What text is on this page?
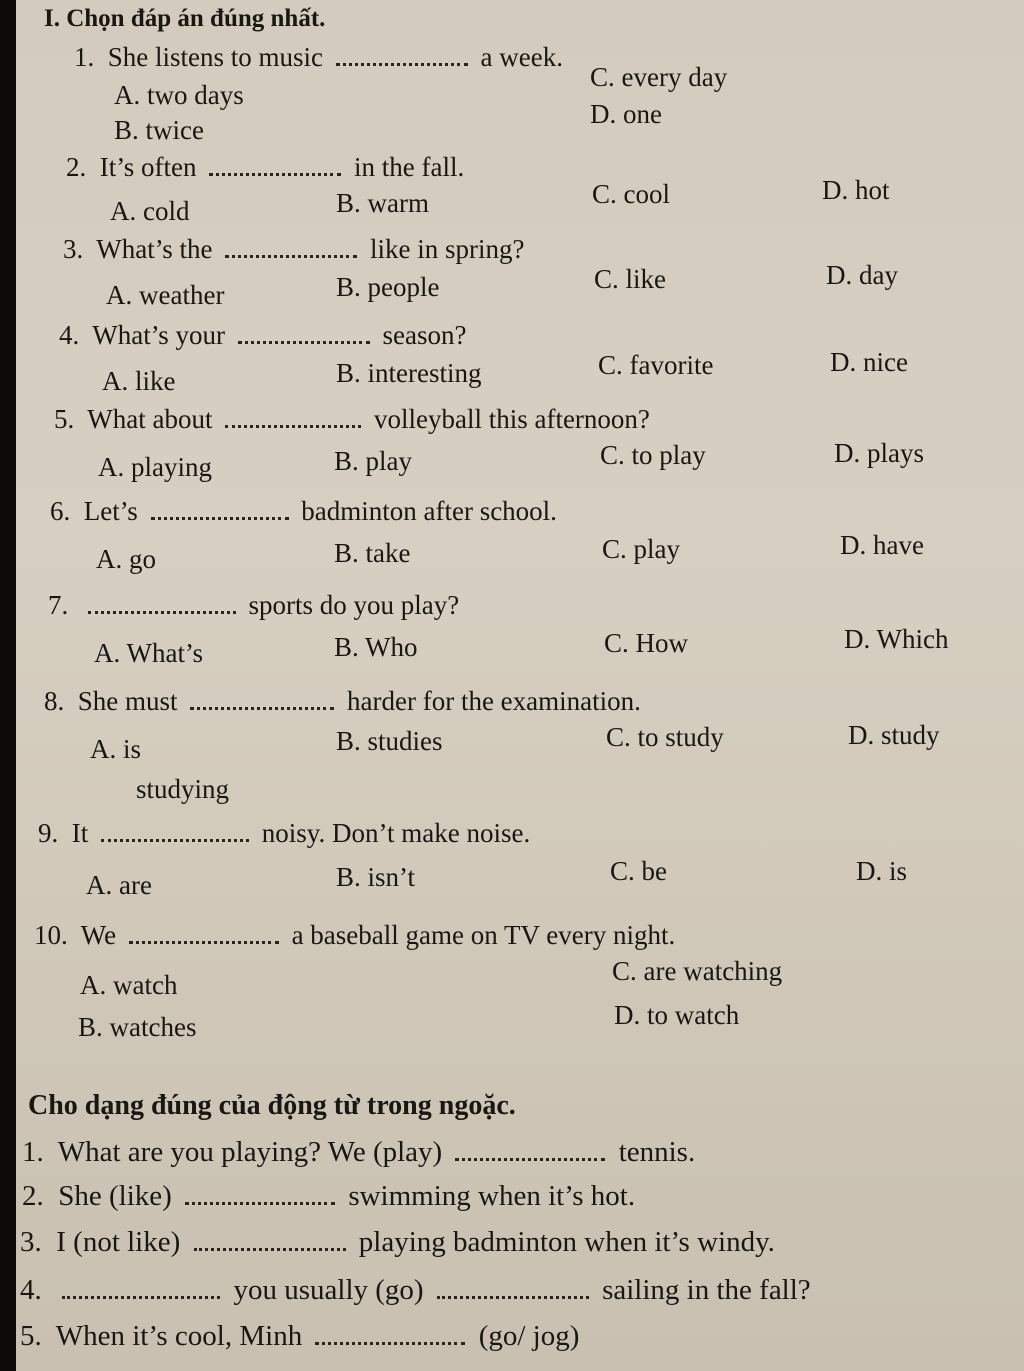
I. Chọn đáp án đúng nhất.
1. She listens to music	a week.
A. two days
B. twice
C. every day
D. one
2. It’s often	in the fall.
A. cold	B. warm	C. cool	D. hot
3. What’s the	like in spring?
A. weather	B. people	C. like	D. day
4. What’s your	season?
A. like	B. interesting	C. favorite	D. nice
5. What about	volleyball this afternoon?
A. playing	B. play	C. to play	D. plays
6. Let’s	badminton after school.
A. go	B. take	C. play	D. have
7.	sports do you play?
A. What’s	B. Who	C. How	D. Which
8. She must	harder for the examination.
A. is
studying
B. studies	C. to study	D. study
9. It	noisy. Don’t make noise.
A. are	B. isn’t	C. be	D. is
10. We	a baseball game on TV every night.
A. watch
B. watches
C. are watching
D. to watch
Cho dạng đúng của động từ trong ngoặc.
1. What are you playing? We (play)	tennis.
2. She (like)	swimming when it’s hot.
3. I (not like)	playing badminton when it’s windy.
4.	you usually (go)	sailing in the fall?
5. When it’s cool, Minh	(go/ jog)
